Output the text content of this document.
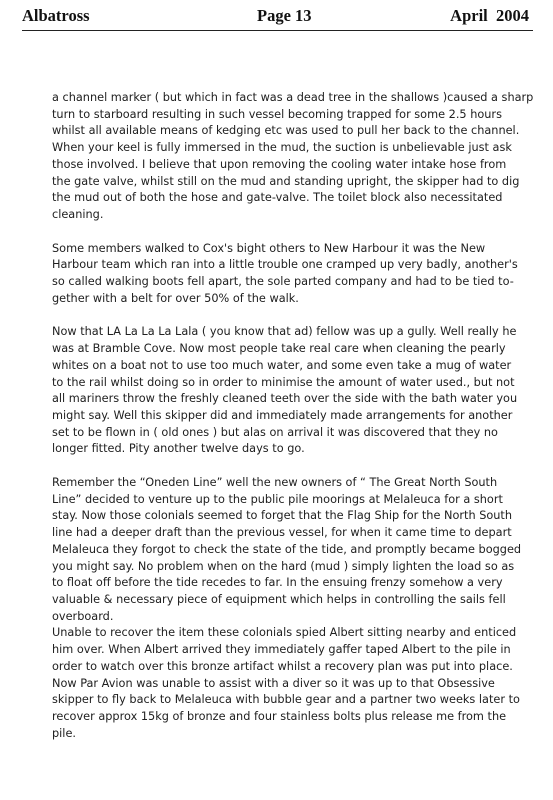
Albatross	Page 13	April  2004
a channel marker ( but which in fact was a dead tree in the shallows )caused a sharp
turn to starboard resulting in such vessel becoming trapped for some 2.5 hours
whilst all available means of kedging etc was used to pull her back to the channel.
When your keel is fully immersed in the mud, the suction is unbelievable just ask
those involved. I believe that upon removing the cooling water intake hose from
the gate valve, whilst still on the mud and standing upright, the skipper had to dig
the mud out of both the hose and gate-valve. The toilet block also necessitated
cleaning.
Some members walked to Cox's bight others to New Harbour it was the New
Harbour team which ran into a little trouble one cramped up very badly, another's
so called walking boots fell apart, the sole parted company and had to be tied to-
gether with a belt for over 50% of the walk.
Now that LA La La La Lala ( you know that ad) fellow was up a gully. Well really he
was at Bramble Cove. Now most people take real care when cleaning the pearly
whites on a boat not to use too much water, and some even take a mug of water
to the rail whilst doing so in order to minimise the amount of water used., but not
all mariners throw the freshly cleaned teeth over the side with the bath water you
might say. Well this skipper did and immediately made arrangements for another
set to be flown in ( old ones ) but alas on arrival it was discovered that they no
longer fitted. Pity another twelve days to go.
Remember the “Oneden Line” well the new owners of “ The Great North South
Line” decided to venture up to the public pile moorings at Melaleuca for a short
stay. Now those colonials seemed to forget that the Flag Ship for the North South
line had a deeper draft than the previous vessel, for when it came time to depart
Melaleuca they forgot to check the state of the tide, and promptly became bogged
you might say. No problem when on the hard (mud ) simply lighten the load so as
to float off before the tide recedes to far. In the ensuing frenzy somehow a very
valuable & necessary piece of equipment which helps in controlling the sails fell
overboard.
Unable to recover the item these colonials spied Albert sitting nearby and enticed
him over. When Albert arrived they immediately gaffer taped Albert to the pile in
order to watch over this bronze artifact whilst a recovery plan was put into place.
Now Par Avion was unable to assist with a diver so it was up to that Obsessive
skipper to fly back to Melaleuca with bubble gear and a partner two weeks later to
recover approx 15kg of bronze and four stainless bolts plus release me from the
pile.
